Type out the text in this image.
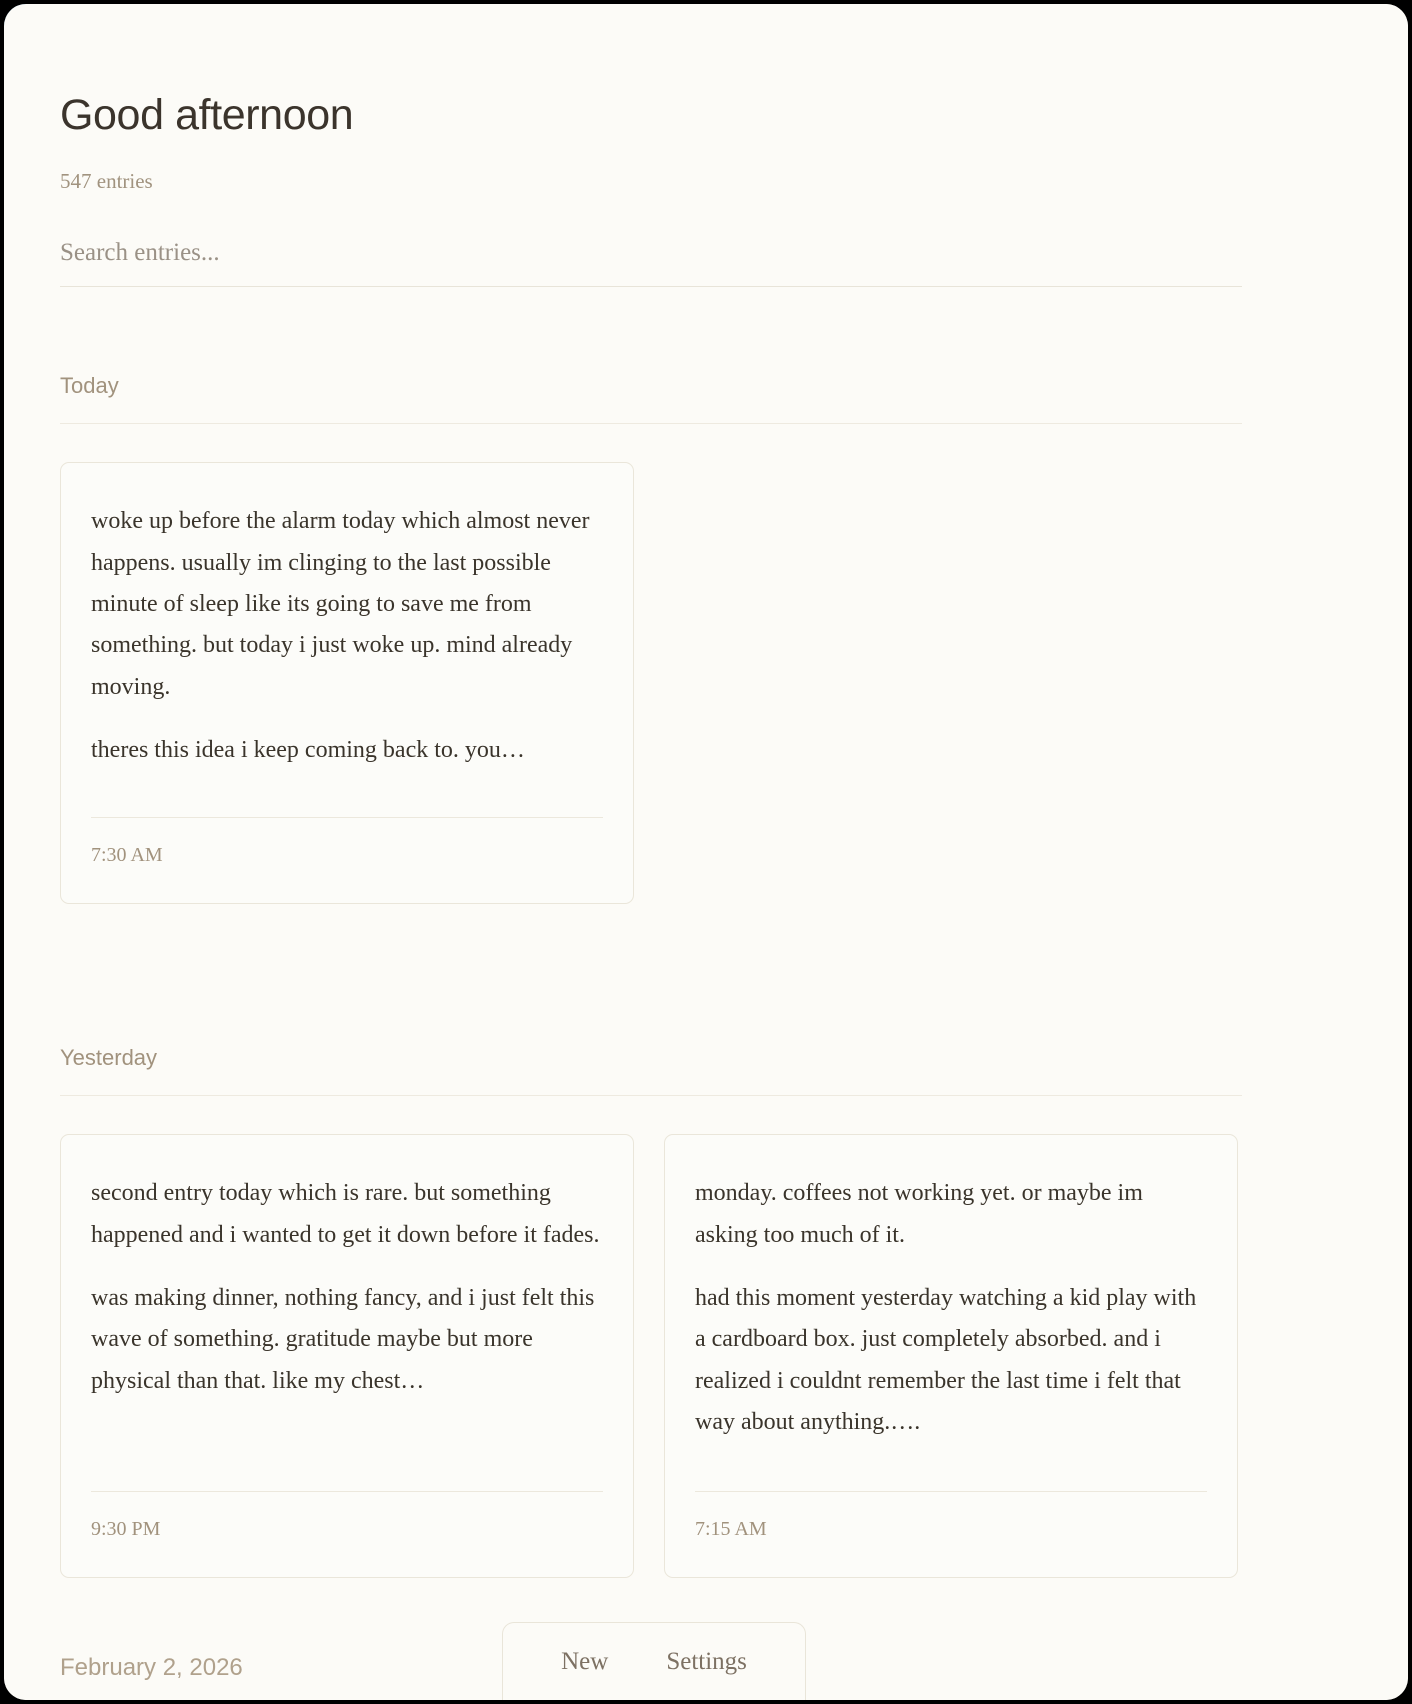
Good afternoon
547 entries
Search entries...
Today

woke up before the alarm today which almost never happens. usually im clinging to the last possible minute of sleep like its going to save me from something. but today i just woke up. mind already moving.

theres this idea i keep coming back to. you…

7:30 AM
Yesterday

second entry today which is rare. but something happened and i wanted to get it down before it fades.

was making dinner, nothing fancy, and i just felt this wave of something. gratitude maybe but more physical than that. like my chest…

9:30 PM

monday. coffees not working yet. or maybe im asking too much of it.

had this moment yesterday watching a kid play with a cardboard box. just completely absorbed. and i realized i couldnt remember the last time i felt that way about anything.….

7:15 AM
February 2, 2026	New Settings
